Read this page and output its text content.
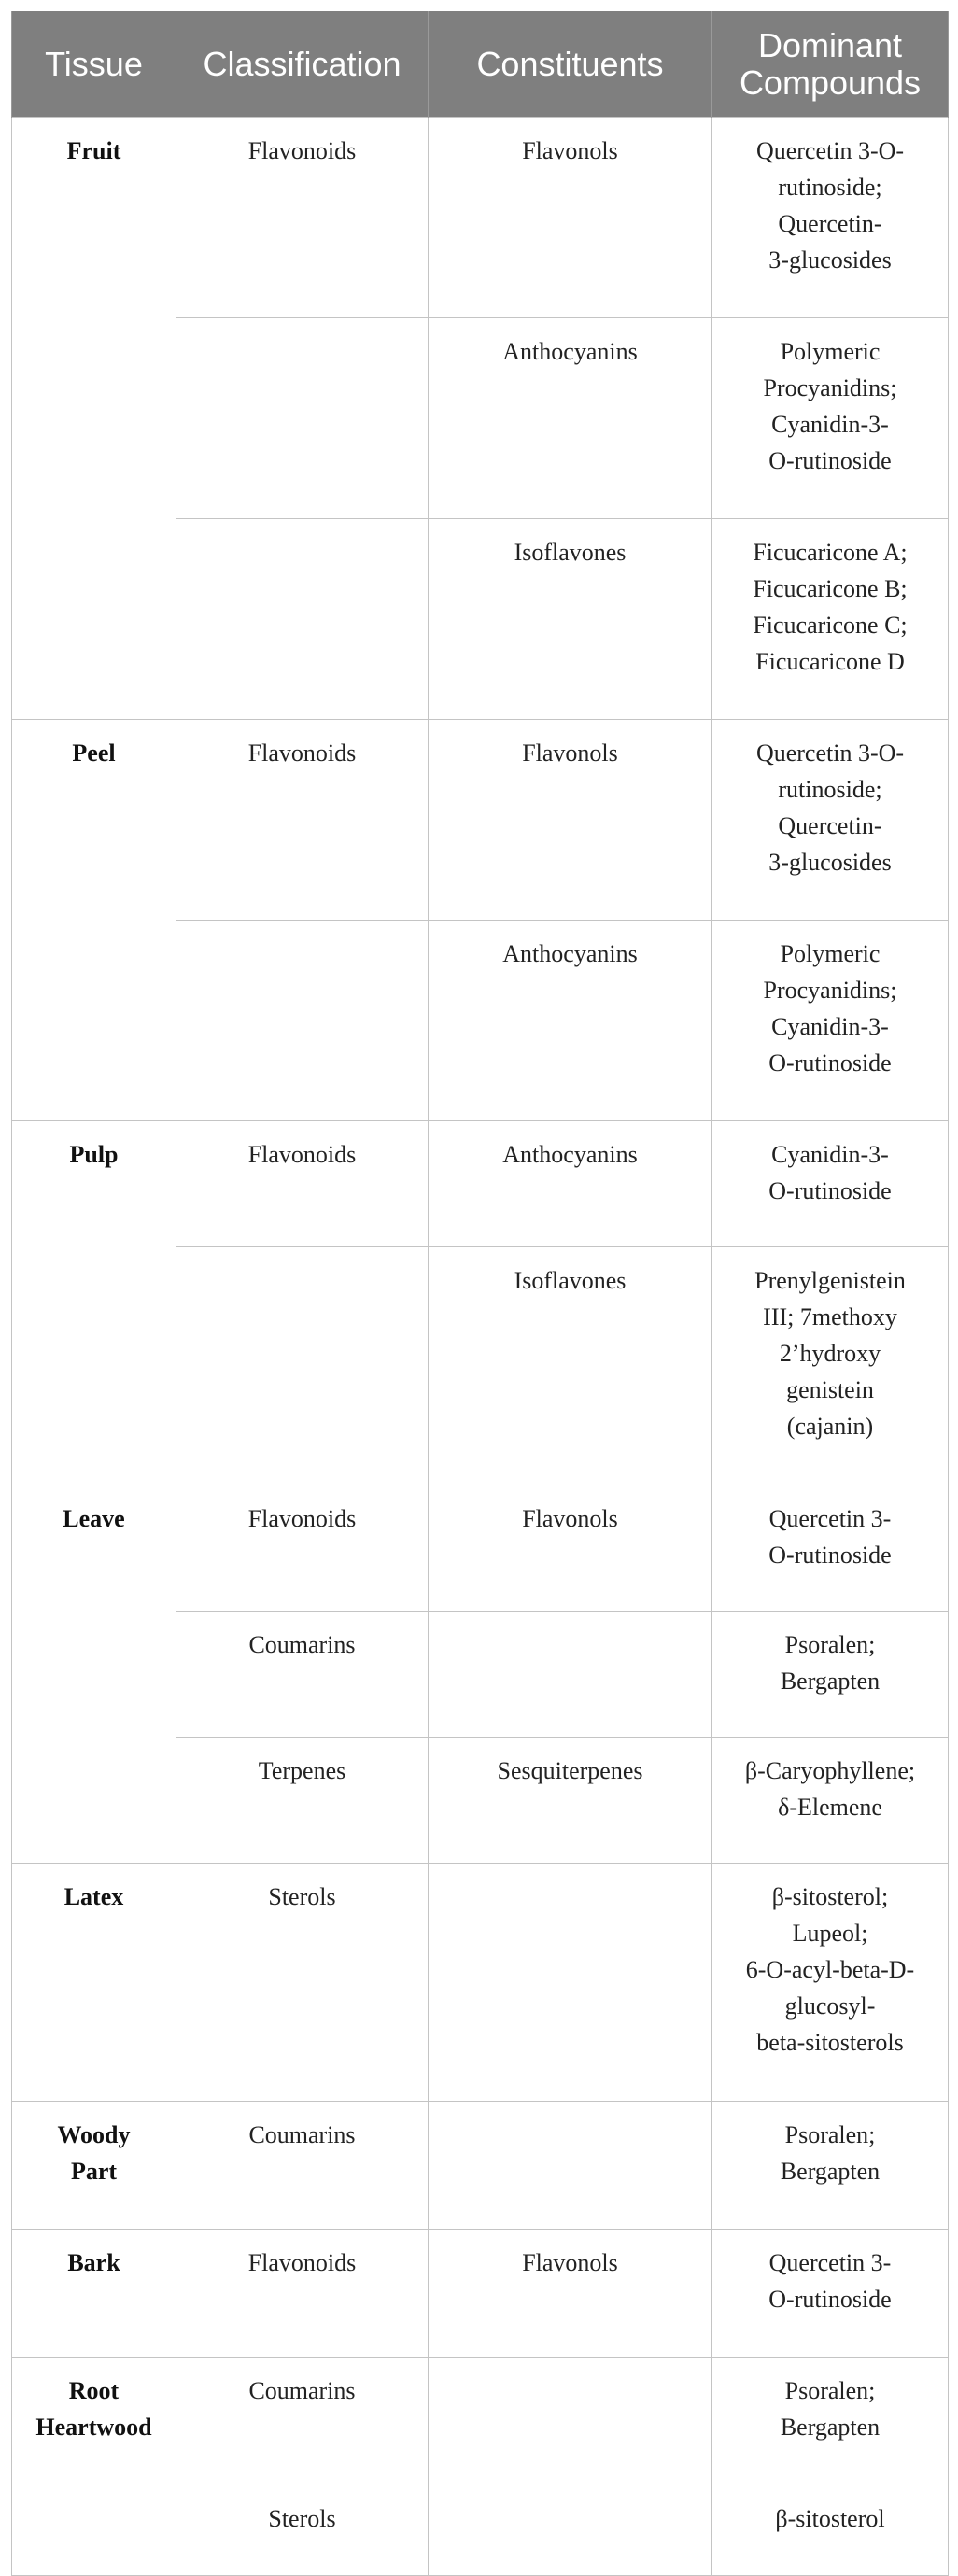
Tissue	Classification	Constituents	Dominant
Compounds
Fruit	Flavonoids	Flavonols	Quercetin 3-O-
rutinoside;
Quercetin-
3-glucosides
		Anthocyanins	Polymeric
Procyanidins;
Cyanidin-3-
O-rutinoside
		Isoflavones	Ficucaricone A;
Ficucaricone B;
Ficucaricone C;
Ficucaricone D
Peel	Flavonoids	Flavonols	Quercetin 3-O-
rutinoside;
Quercetin-
3-glucosides
		Anthocyanins	Polymeric
Procyanidins;
Cyanidin-3-
O-rutinoside
Pulp	Flavonoids	Anthocyanins	Cyanidin-3-
O-rutinoside
		Isoflavones	Prenylgenistein
III; 7methoxy
2’hydroxy
genistein
(cajanin)
Leave	Flavonoids	Flavonols	Quercetin 3-
O-rutinoside
	Coumarins		Psoralen;
Bergapten
	Terpenes	Sesquiterpenes	β-Caryophyllene;
δ-Elemene
Latex	Sterols		β-sitosterol;
Lupeol;
6-O-acyl-beta-D-
glucosyl-
beta-sitosterols
Woody
Part	Coumarins		Psoralen;
Bergapten
Bark	Flavonoids	Flavonols	Quercetin 3-
O-rutinoside
Root
Heartwood	Coumarins		Psoralen;
Bergapten
	Sterols		β-sitosterol
